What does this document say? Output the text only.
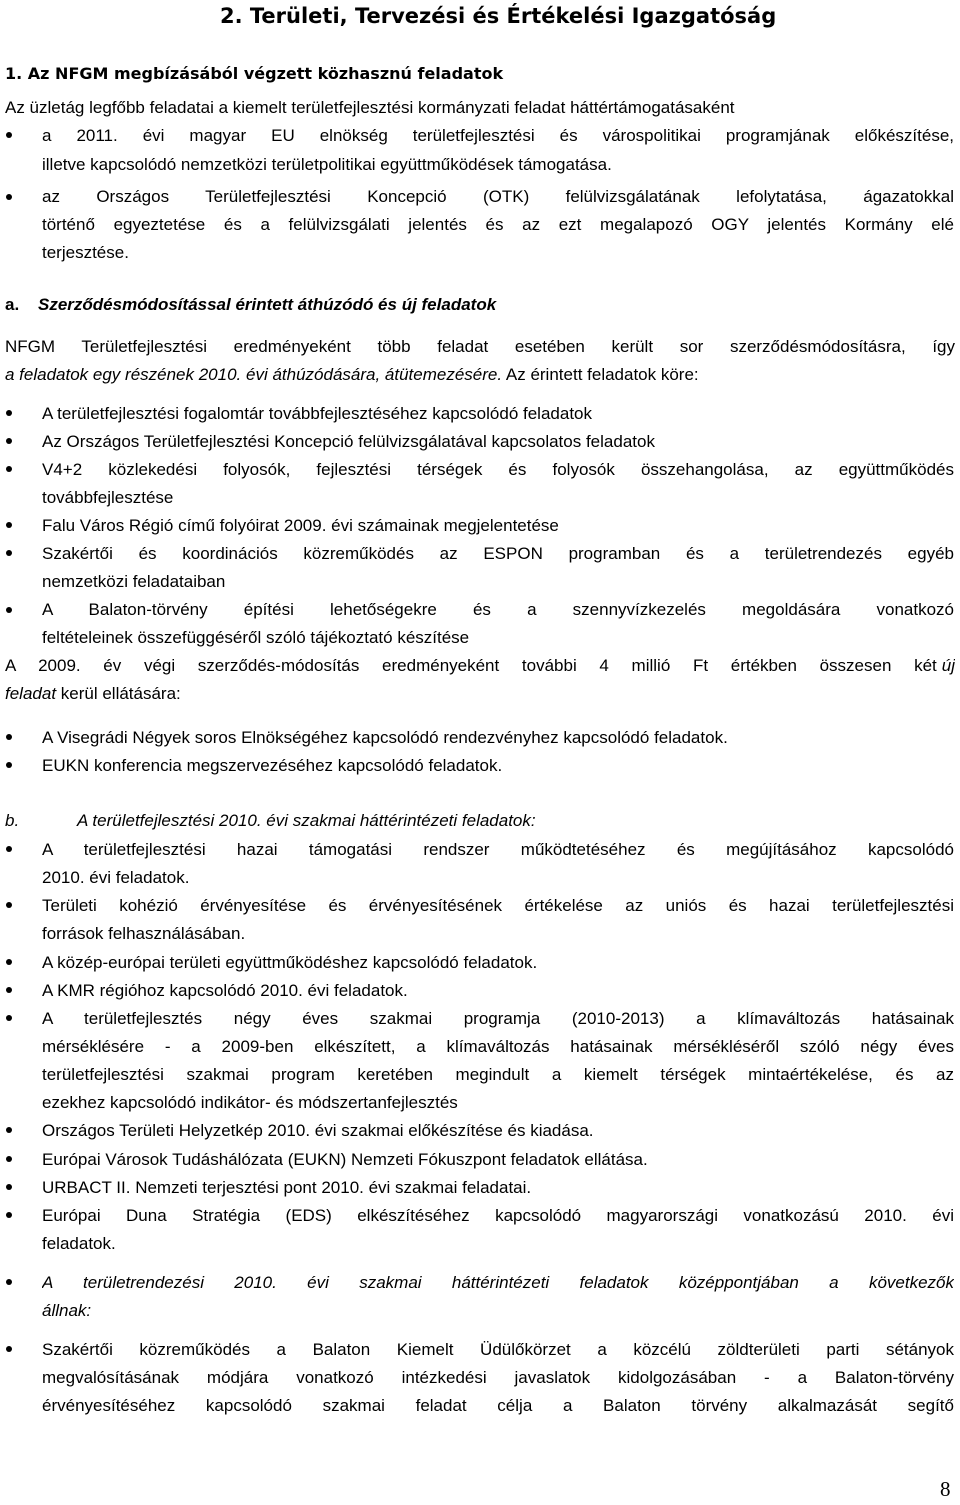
2. Területi, Tervezési és Értékelési Igazgatóság
1. Az NFGM megbízásából végzett közhasznú feladatok
Az üzletág legfőbb feladatai a kiemelt területfejlesztési kormányzati feladat háttértámogatásaként
a 2011. évi magyar EU elnökség területfejlesztési és várospolitikai programjának előkészítése,
illetve kapcsolódó nemzetközi területpolitikai együttműködések támogatása.
az Országos Területfejlesztési Koncepció (OTK) felülvizsgálatának lefolytatása, ágazatokkal
történő egyeztetése és a felülvizsgálati jelentés és az ezt megalapozó OGY jelentés Kormány elé
terjesztése.
a. Szerződésmódosítással érintett áthúzódó és új feladatok
NFGM Területfejlesztési eredményeként több feladat esetében került sor szerződésmódosításra, így
a feladatok egy részének 2010. évi áthúzódására, átütemezésére. Az érintett feladatok köre:
A területfejlesztési fogalomtár továbbfejlesztéséhez kapcsolódó feladatok
Az Országos Területfejlesztési Koncepció felülvizsgálatával kapcsolatos feladatok
V4+2 közlekedési folyosók, fejlesztési térségek és folyosók összehangolása, az együttműködés
továbbfejlesztése
Falu Város Régió című folyóirat 2009. évi számainak megjelentetése
Szakértői és koordinációs közreműködés az ESPON programban és a területrendezés egyéb
nemzetközi feladataiban
A Balaton-törvény építési lehetőségekre és a szennyvízkezelés megoldására vonatkozó
feltételeinek összefüggéséről szóló tájékoztató készítése
A 2009. év végi szerződés-módosítás eredményeként további 4 millió Ft értékben összesen két új
feladat kerül ellátására:
A Visegrádi Négyek soros Elnökségéhez kapcsolódó rendezvényhez kapcsolódó feladatok.
EUKN konferencia megszervezéséhez kapcsolódó feladatok.
b.	A területfejlesztési 2010. évi szakmai háttérintézeti feladatok:
A területfejlesztési hazai támogatási rendszer működtetéséhez és megújításához kapcsolódó
2010. évi feladatok.
Területi kohézió érvényesítése és érvényesítésének értékelése az uniós és hazai területfejlesztési
források felhasználásában.
A közép-európai területi együttműködéshez kapcsolódó feladatok.
A KMR régióhoz kapcsolódó 2010. évi feladatok.
A területfejlesztés négy éves szakmai programja (2010-2013) a klímaváltozás hatásainak
mérséklésére - a 2009-ben elkészített, a klímaváltozás hatásainak mérsékléséről szóló négy éves
területfejlesztési szakmai program keretében megindult a kiemelt térségek mintaértékelése, és az
ezekhez kapcsolódó indikátor- és módszertanfejlesztés
Országos Területi Helyzetkép 2010. évi szakmai előkészítése és kiadása.
Európai Városok Tudáshálózata (EUKN) Nemzeti Fókuszpont feladatok ellátása.
URBACT II. Nemzeti terjesztési pont 2010. évi szakmai feladatai.
Európai Duna Stratégia (EDS) elkészítéséhez kapcsolódó magyarországi vonatkozású 2010. évi
feladatok.
A területrendezési 2010. évi szakmai háttérintézeti feladatok középpontjában a következők
állnak:
Szakértői közreműködés a Balaton Kiemelt Üdülőkörzet a közcélú zöldterületi parti sétányok
megvalósításának módjára vonatkozó intézkedési javaslatok kidolgozásában - a Balaton-törvény
érvényesítéséhez kapcsolódó szakmai feladat célja a Balaton törvény alkalmazását segítő
8
